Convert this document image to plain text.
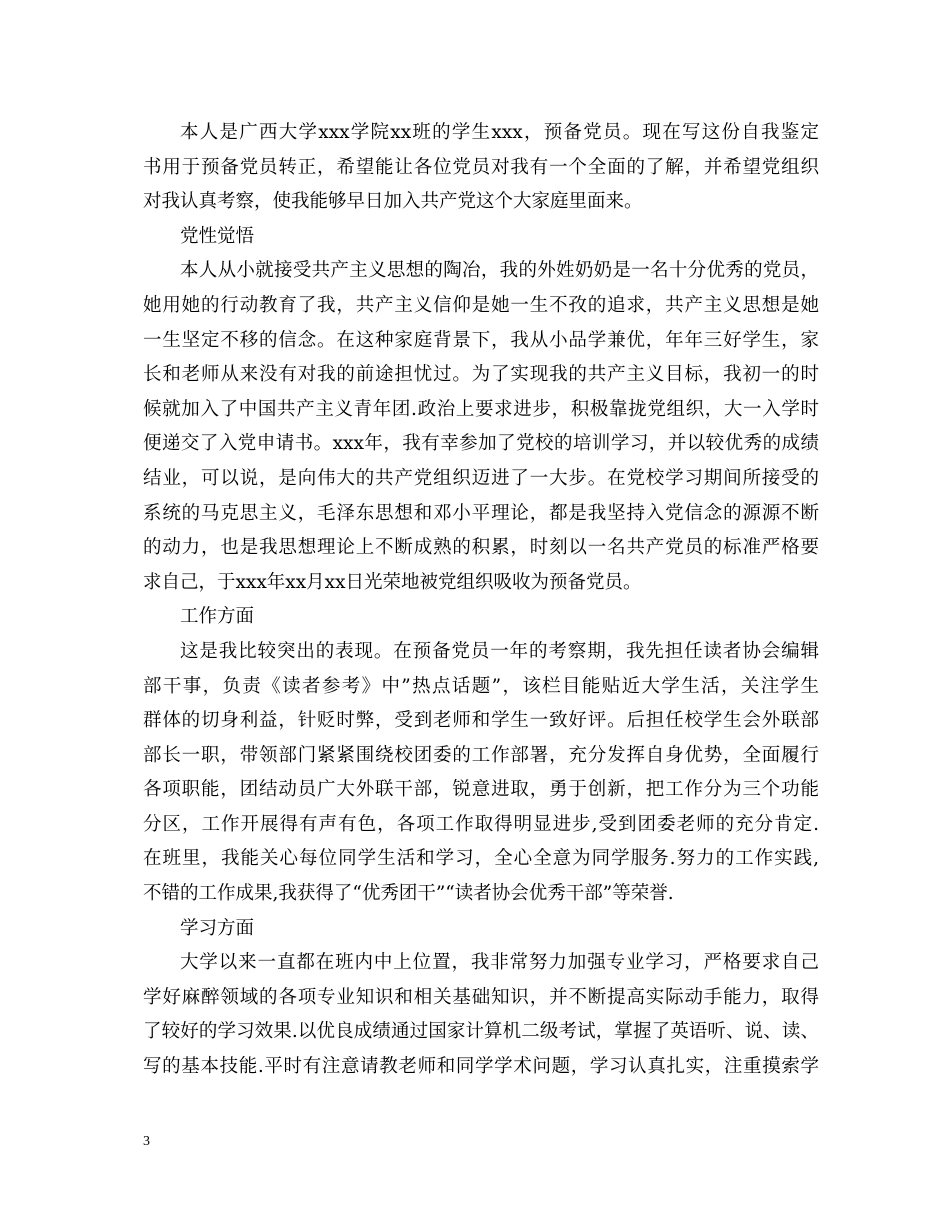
本人是广西大学xxx学院xx班的学生xxx，预备党员。现在写这份自我鉴定
书用于预备党员转正，希望能让各位党员对我有一个全面的了解，并希望党组织
对我认真考察，使我能够早日加入共产党这个大家庭里面来。
党性觉悟
本人从小就接受共产主义思想的陶冶，我的外姓奶奶是一名十分优秀的党员，
她用她的行动教育了我，共产主义信仰是她一生不孜的追求，共产主义思想是她
一生坚定不移的信念。在这种家庭背景下，我从小品学兼优，年年三好学生，家
长和老师从来没有对我的前途担忧过。为了实现我的共产主义目标，我初一的时
候就加入了中国共产主义青年团.政治上要求进步，积极靠拢党组织，大一入学时
便递交了入党申请书。xxx年，我有幸参加了党校的培训学习，并以较优秀的成绩
结业，可以说，是向伟大的共产党组织迈进了一大步。在党校学习期间所接受的
系统的马克思主义，毛泽东思想和邓小平理论，都是我坚持入党信念的源源不断
的动力，也是我思想理论上不断成熟的积累，时刻以一名共产党员的标准严格要
求自己，于xxx年xx月xx日光荣地被党组织吸收为预备党员。
工作方面
这是我比较突出的表现。在预备党员一年的考察期，我先担任读者协会编辑
部干事，负责《读者参考》中”热点话题”，该栏目能贴近大学生活，关注学生
群体的切身利益，针贬时弊，受到老师和学生一致好评。后担任校学生会外联部
部长一职，带领部门紧紧围绕校团委的工作部署，充分发挥自身优势，全面履行
各项职能，团结动员广大外联干部，锐意进取，勇于创新，把工作分为三个功能
分区，工作开展得有声有色，各项工作取得明显进步,受到团委老师的充分肯定.
在班里，我能关心每位同学生活和学习，全心全意为同学服务.努力的工作实践,
不错的工作成果,我获得了“优秀团干”“读者协会优秀干部”等荣誉.
学习方面
大学以来一直都在班内中上位置，我非常努力加强专业学习，严格要求自己
学好麻醉领域的各项专业知识和相关基础知识，并不断提高实际动手能力，取得
了较好的学习效果.以优良成绩通过国家计算机二级考试，掌握了英语听、说、读、
写的基本技能.平时有注意请教老师和同学学术问题，学习认真扎实，注重摸索学
3
